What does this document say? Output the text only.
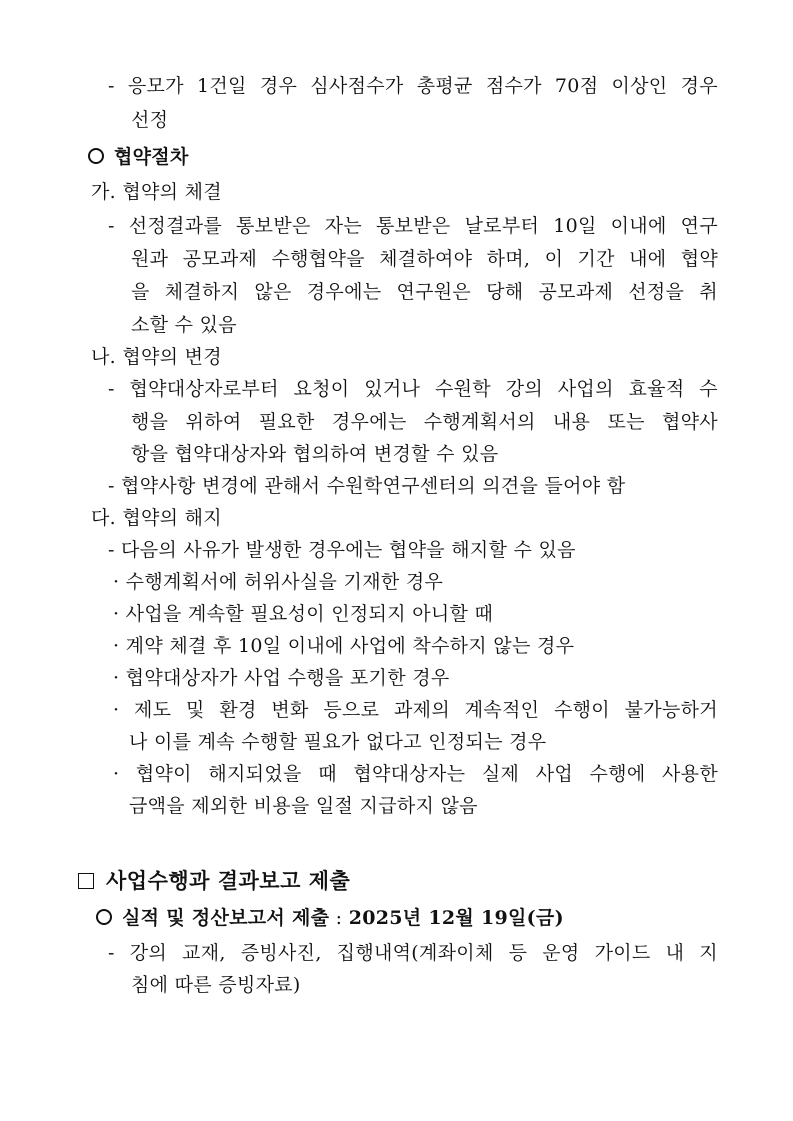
- 응모가 1건일 경우 심사점수가 총평균 점수가 70점 이상인 경우
선정
협약절차
가. 협약의 체결
- 선정결과를 통보받은 자는 통보받은 날로부터 10일 이내에 연구
원과 공모과제 수행협약을 체결하여야 하며, 이 기간 내에 협약
을 체결하지 않은 경우에는 연구원은 당해 공모과제 선정을 취
소할 수 있음
나. 협약의 변경
- 협약대상자로부터 요청이 있거나 수원학 강의 사업의 효율적 수
행을 위하여 필요한 경우에는 수행계획서의 내용 또는 협약사
항을 협약대상자와 협의하여 변경할 수 있음
- 협약사항 변경에 관해서 수원학연구센터의 의견을 들어야 함
다. 협약의 해지
- 다음의 사유가 발생한 경우에는 협약을 해지할 수 있음
· 수행계획서에 허위사실을 기재한 경우
· 사업을 계속할 필요성이 인정되지 아니할 때
· 계약 체결 후 10일 이내에 사업에 착수하지 않는 경우
· 협약대상자가 사업 수행을 포기한 경우
· 제도 및 환경 변화 등으로 과제의 계속적인 수행이 불가능하거
나 이를 계속 수행할 필요가 없다고 인정되는 경우
· 협약이 해지되었을 때 협약대상자는 실제 사업 수행에 사용한
금액을 제외한 비용을 일절 지급하지 않음
사업수행과 결과보고 제출
실적 및 정산보고서 제출 : 2025년 12월 19일(금)
- 강의 교재, 증빙사진, 집행내역(계좌이체 등 운영 가이드 내 지
침에 따른 증빙자료)
